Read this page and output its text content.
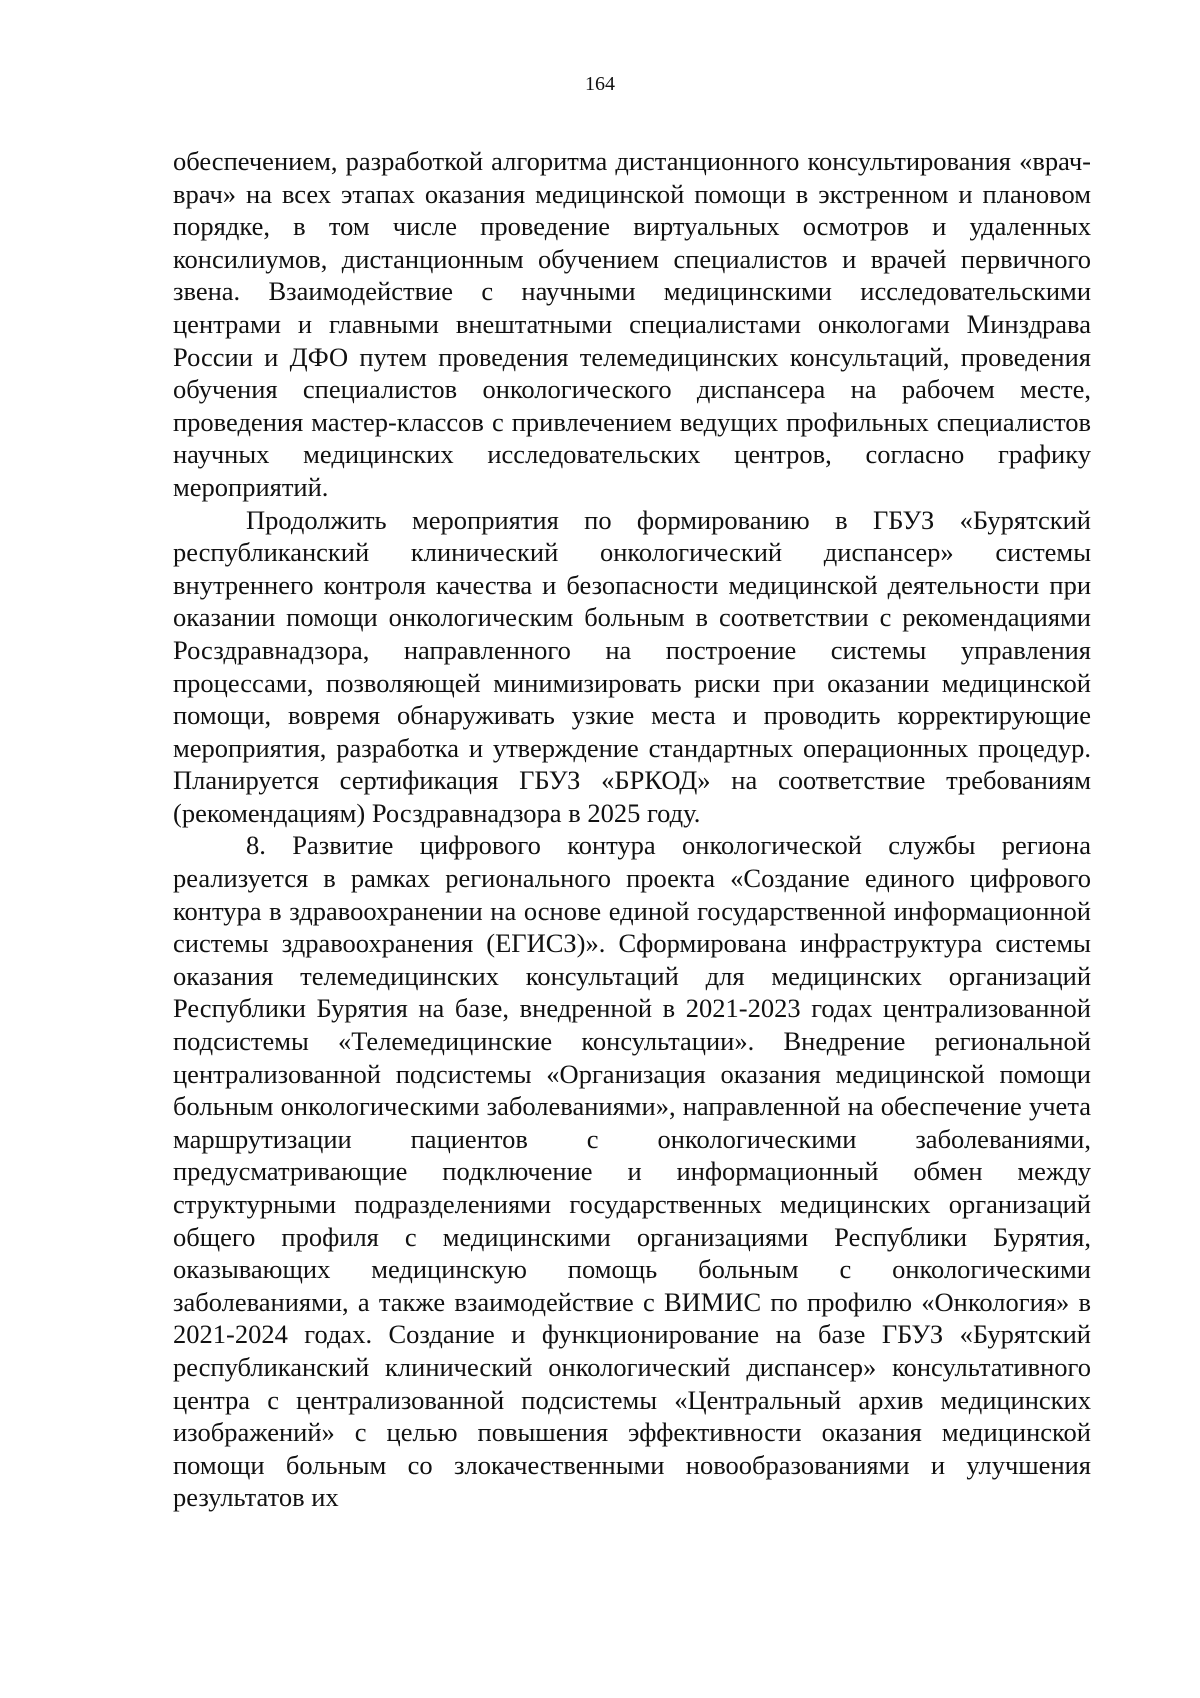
164

обеспечением, разработкой алгоритма дистанционного консультирования «врач-врач» на всех этапах оказания медицинской помощи в экстренном и плановом порядке, в том числе проведение виртуальных осмотров и удаленных консилиумов, дистанционным обучением специалистов и врачей первичного звена. Взаимодействие с научными медицинскими исследовательскими центрами и главными внештатными специалистами онкологами Минздрава России и ДФО путем проведения телемедицинских консультаций, проведения обучения специалистов онкологического диспансера на рабочем месте, проведения мастер-классов с привлечением ведущих профильных специалистов научных медицинских исследовательских центров, согласно графику мероприятий.

Продолжить мероприятия по формированию в ГБУЗ «Бурятский республиканский клинический онкологический диспансер» системы внутреннего контроля качества и безопасности медицинской деятельности при оказании помощи онкологическим больным в соответствии с рекомендациями Росздравнадзора, направленного на построение системы управления процессами, позволяющей минимизировать риски при оказании медицинской помощи, вовремя обнаруживать узкие места и проводить корректирующие мероприятия, разработка и утверждение стандартных операционных процедур. Планируется сертификация ГБУЗ «БРКОД» на соответствие требованиям (рекомендациям) Росздравнадзора в 2025 году.

8. Развитие цифрового контура онкологической службы региона реализуется в рамках регионального проекта «Создание единого цифрового контура в здравоохранении на основе единой государственной информационной системы здравоохранения (ЕГИСЗ)». Сформирована инфраструктура системы оказания телемедицинских консультаций для медицинских организаций Республики Бурятия на базе, внедренной в 2021-2023 годах централизованной подсистемы «Телемедицинские консультации». Внедрение региональной централизованной подсистемы «Организация оказания медицинской помощи больным онкологическими заболеваниями», направленной на обеспечение учета маршрутизации пациентов с онкологическими заболеваниями, предусматривающие подключение и информационный обмен между структурными подразделениями государственных медицинских организаций общего профиля с медицинскими организациями Республики Бурятия, оказывающих медицинскую помощь больным с онкологическими заболеваниями, а также взаимодействие с ВИМИС по профилю «Онкология» в 2021-2024 годах. Создание и функционирование на базе ГБУЗ «Бурятский республиканский клинический онкологический диспансер» консультативного центра с централизованной подсистемы «Центральный архив медицинских изображений» с целью повышения эффективности оказания медицинской помощи больным со злокачественными новообразованиями и улучшения результатов их
